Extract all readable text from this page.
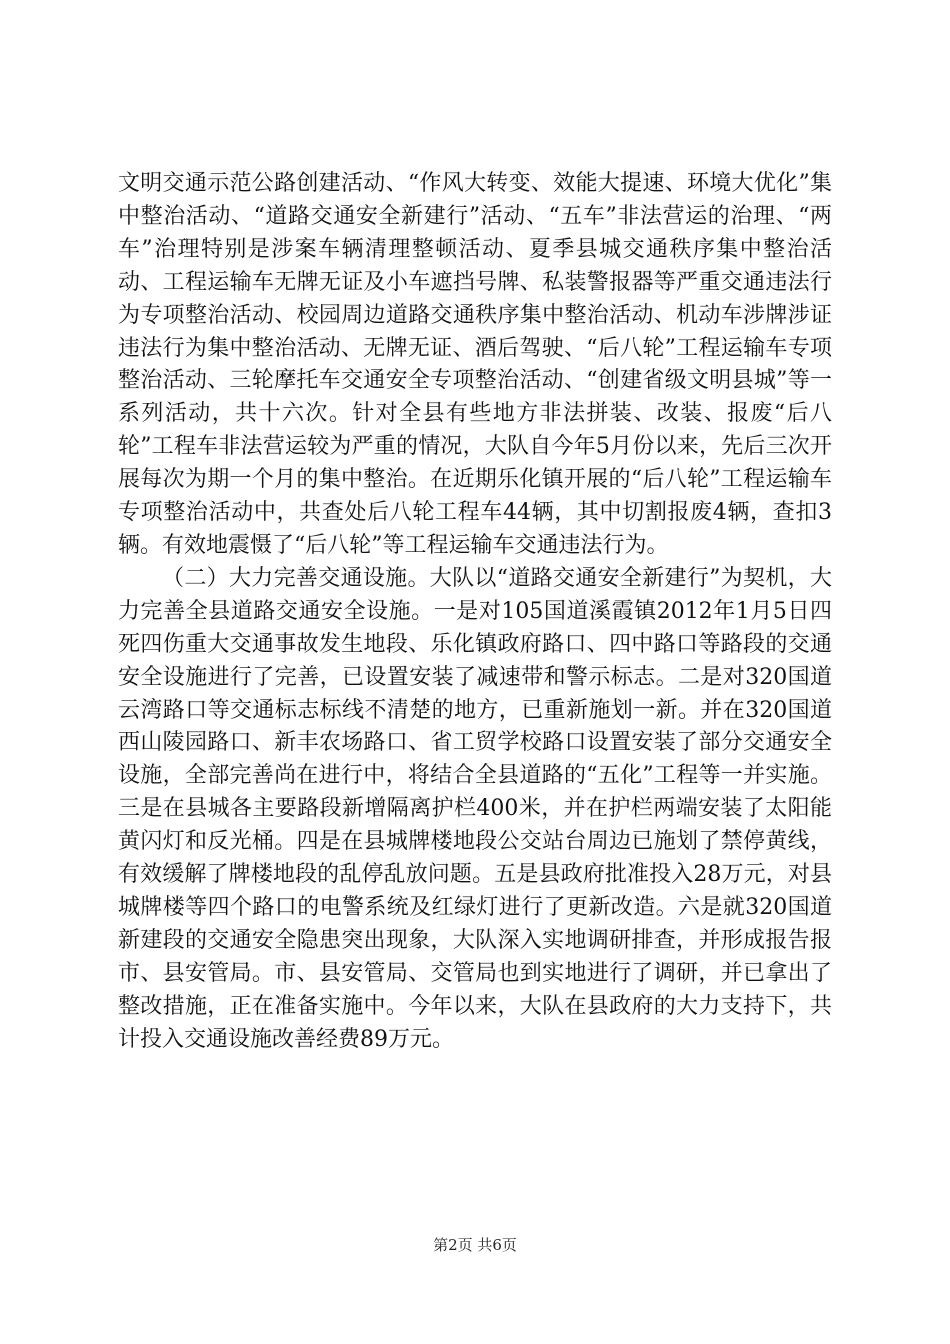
文明交通示范公路创建活动、“作风大转变、效能大提速、环境大优化”集中整治活动、“道路交通安全新建行”活动、“五车”非法营运的治理、“两车”治理特别是涉案车辆清理整顿活动、夏季县城交通秩序集中整治活动、工程运输车无牌无证及小车遮挡号牌、私装警报器等严重交通违法行为专项整治活动、校园周边道路交通秩序集中整治活动、机动车涉牌涉证违法行为集中整治活动、无牌无证、酒后驾驶、“后八轮”工程运输车专项整治活动、三轮摩托车交通安全专项整治活动、“创建省级文明县城”等一系列活动，共十六次。针对全县有些地方非法拼装、改装、报废“后八轮”工程车非法营运较为严重的情况，大队自今年5月份以来，先后三次开展每次为期一个月的集中整治。在近期乐化镇开展的“后八轮”工程运输车专项整治活动中，共查处后八轮工程车44辆，其中切割报废4辆，查扣3辆。有效地震慑了“后八轮”等工程运输车交通违法行为。

（二）大力完善交通设施。大队以“道路交通安全新建行”为契机，大力完善全县道路交通安全设施。一是对105国道溪霞镇2012年1月5日四死四伤重大交通事故发生地段、乐化镇政府路口、四中路口等路段的交通安全设施进行了完善，已设置安装了减速带和警示标志。二是对320国道云湾路口等交通标志标线不清楚的地方，已重新施划一新。并在320国道西山陵园路口、新丰农场路口、省工贸学校路口设置安装了部分交通安全设施，全部完善尚在进行中，将结合全县道路的“五化”工程等一并实施。三是在县城各主要路段新增隔离护栏400米，并在护栏两端安装了太阳能黄闪灯和反光桶。四是在县城牌楼地段公交站台周边已施划了禁停黄线，有效缓解了牌楼地段的乱停乱放问题。五是县政府批准投入28万元，对县城牌楼等四个路口的电警系统及红绿灯进行了更新改造。六是就320国道新建段的交通安全隐患突出现象，大队深入实地调研排查，并形成报告报市、县安管局。市、县安管局、交管局也到实地进行了调研，并已拿出了整改措施，正在准备实施中。今年以来，大队在县政府的大力支持下，共计投入交通设施改善经费89万元。

第2页 共6页
